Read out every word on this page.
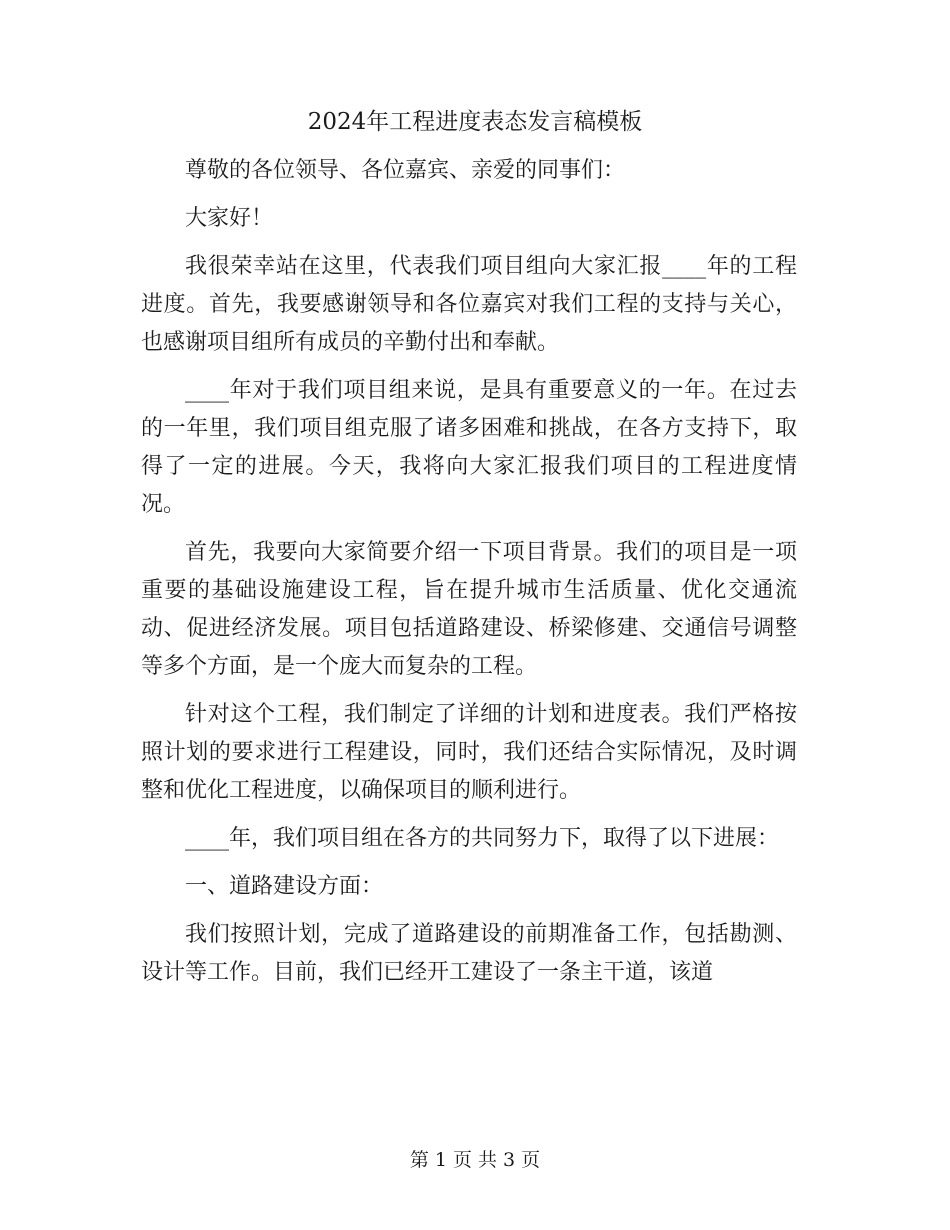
2024年工程进度表态发言稿模板

尊敬的各位领导、各位嘉宾、亲爱的同事们：

大家好！

我很荣幸站在这里，代表我们项目组向大家汇报____年的工程进度。首先，我要感谢领导和各位嘉宾对我们工程的支持与关心，也感谢项目组所有成员的辛勤付出和奉献。

____年对于我们项目组来说，是具有重要意义的一年。在过去的一年里，我们项目组克服了诸多困难和挑战，在各方支持下，取得了一定的进展。今天，我将向大家汇报我们项目的工程进度情况。

首先，我要向大家简要介绍一下项目背景。我们的项目是一项重要的基础设施建设工程，旨在提升城市生活质量、优化交通流动、促进经济发展。项目包括道路建设、桥梁修建、交通信号调整等多个方面，是一个庞大而复杂的工程。

针对这个工程，我们制定了详细的计划和进度表。我们严格按照计划的要求进行工程建设，同时，我们还结合实际情况，及时调整和优化工程进度，以确保项目的顺利进行。

____年，我们项目组在各方的共同努力下，取得了以下进展：

一、道路建设方面：

我们按照计划，完成了道路建设的前期准备工作，包括勘测、设计等工作。目前，我们已经开工建设了一条主干道，该道

第 1 页 共 3 页
